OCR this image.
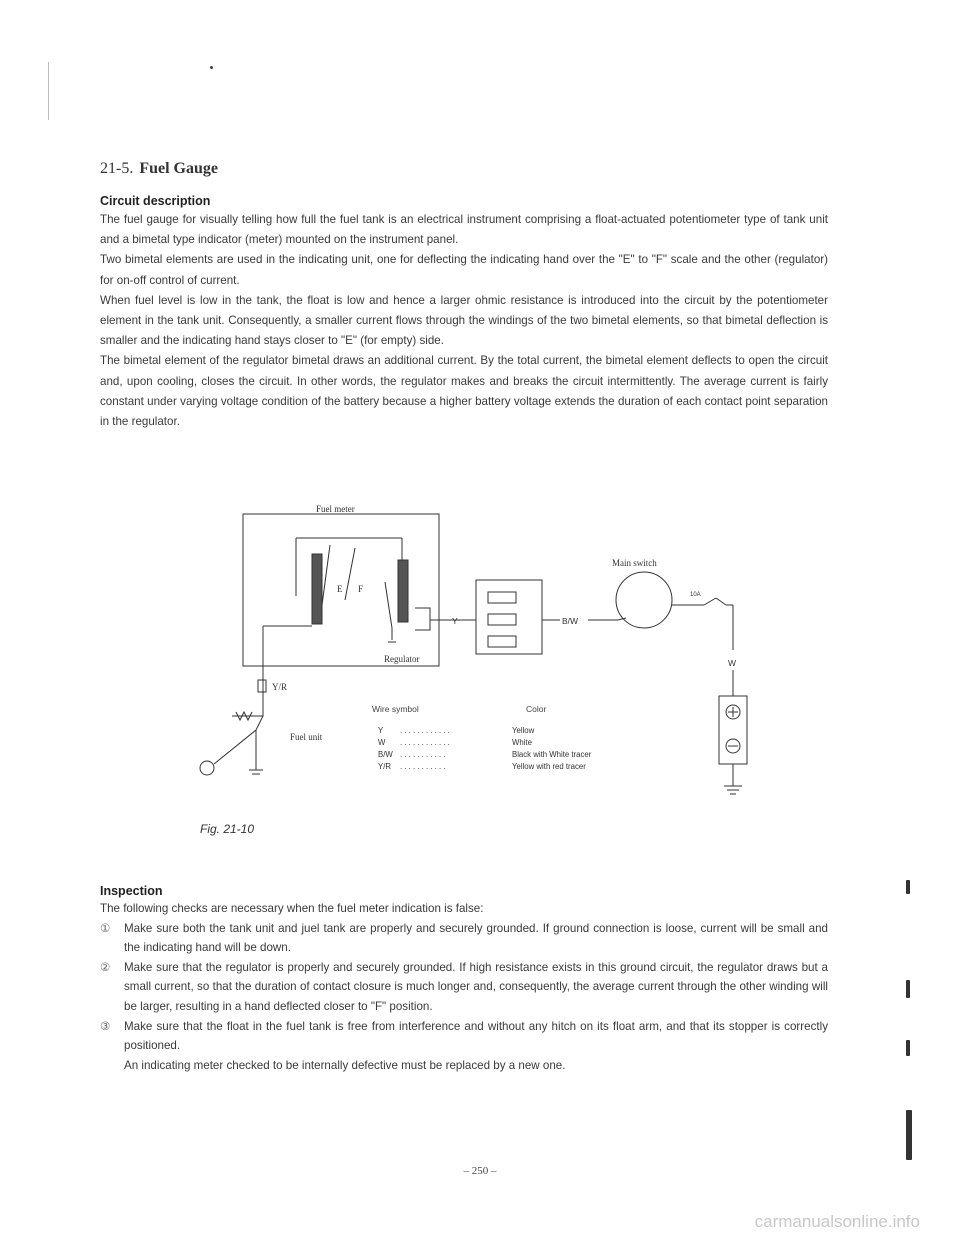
21-5. Fuel Gauge
Circuit description

The fuel gauge for visually telling how full the fuel tank is an electrical instrument comprising a float-actuated potentiometer type of tank unit and a bimetal type indicator (meter) mounted on the instrument panel.

Two bimetal elements are used in the indicating unit, one for deflecting the indicating hand over the "E" to "F" scale and the other (regulator) for on-off control of current.

When fuel level is low in the tank, the float is low and hence a larger ohmic resistance is introduced into the circuit by the potentiometer element in the tank unit. Consequently, a smaller current flows through the windings of the two bimetal elements, so that bimetal deflection is smaller and the indicating hand stays closer to "E" (for empty) side.

The bimetal element of the regulator bimetal draws an additional current. By the total current, the bimetal element deflects to open the circuit and, upon cooling, closes the circuit. In other words, the regulator makes and breaks the circuit intermittently. The average current is fairly constant under varying voltage condition of the battery because a higher battery voltage extends the duration of each contact point separation in the regulator.

Fuel meter
E F
Regulator
Y	B/W
Main switch
10A
W
Y/R
Fuel unit
Wire symbol	Color
Y . . . . . . . . . . . .	Yellow
W . . . . . . . . . . . .	White
B/W . . . . . . . . . . .	Black with White tracer
Y/R . . . . . . . . . . .	Yellow with red tracer
Fig. 21-10
Inspection
The following checks are necessary when the fuel meter indication is false:
①	Make sure both the tank unit and juel tank are properly and securely grounded. If ground connection is loose, current will be small and the indicating hand will be down.
②	Make sure that the regulator is properly and securely grounded. If high resistance exists in this ground circuit, the regulator draws but a small current, so that the duration of contact closure is much longer and, consequently, the average current through the other winding will be larger, resulting in a hand deflected closer to "F" position.
③	Make sure that the float in the fuel tank is free from interference and without any hitch on its float arm, and that its stopper is correctly positioned.
An indicating meter checked to be internally defective must be replaced by a new one.
– 250 –
carmanualsonline.info
